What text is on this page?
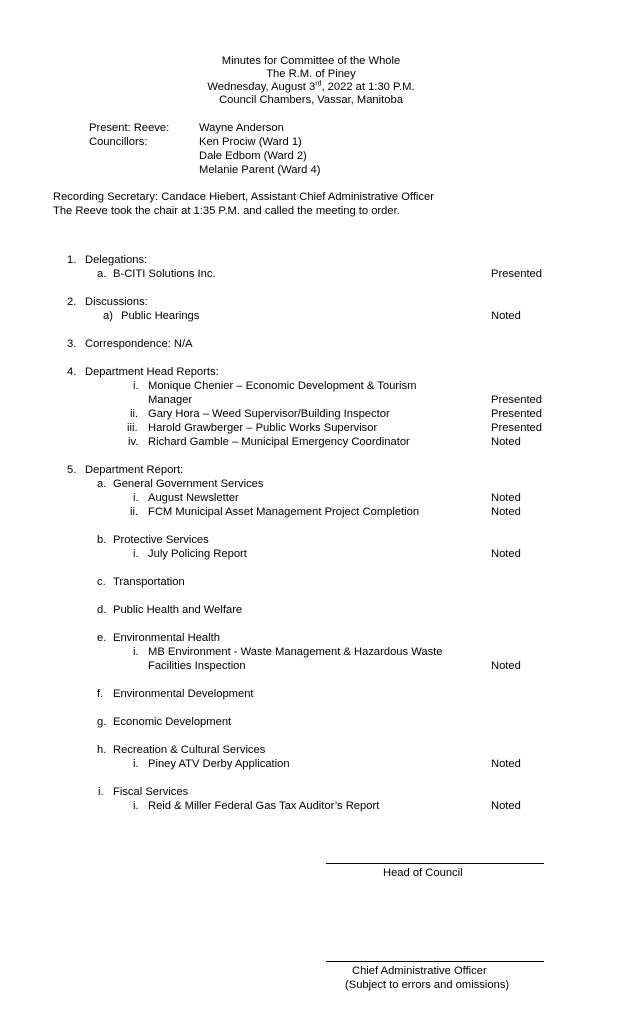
Minutes for Committee of the Whole
The R.M. of Piney
Wednesday, August 3rd, 2022 at 1:30 P.M.
Council Chambers, Vassar, Manitoba
Present: Reeve:	Wayne Anderson
Councillors:	Ken Prociw (Ward 1)
Dale Edbom (Ward 2)
Melanie Parent (Ward 4)
Recording Secretary: Candace Hiebert, Assistant Chief Administrative Officer
The Reeve took the chair at 1:35 P.M. and called the meeting to order.
1. Delegations:
a. B-CITI Solutions Inc.	Presented
2. Discussions:
a) Public Hearings	Noted
3. Correspondence: N/A
4. Department Head Reports:
i. Monique Chenier – Economic Development & Tourism
Manager	Presented
ii. Gary Hora – Weed Supervisor/Building Inspector	Presented
iii. Harold Grawberger – Public Works Supervisor	Presented
iv. Richard Gamble – Municipal Emergency Coordinator	Noted
5. Department Report:
a. General Government Services
i. August Newsletter	Noted
ii. FCM Municipal Asset Management Project Completion	Noted
b. Protective Services
i. July Policing Report	Noted
c. Transportation
d. Public Health and Welfare
e. Environmental Health
i. MB Environment - Waste Management & Hazardous Waste
Facilities Inspection	Noted
f. Environmental Development
g. Economic Development
h. Recreation & Cultural Services
i. Piney ATV Derby Application	Noted
i. Fiscal Services
i. Reid & Miller Federal Gas Tax Auditor’s Report	Noted
Head of Council
Chief Administrative Officer
(Subject to errors and omissions)
